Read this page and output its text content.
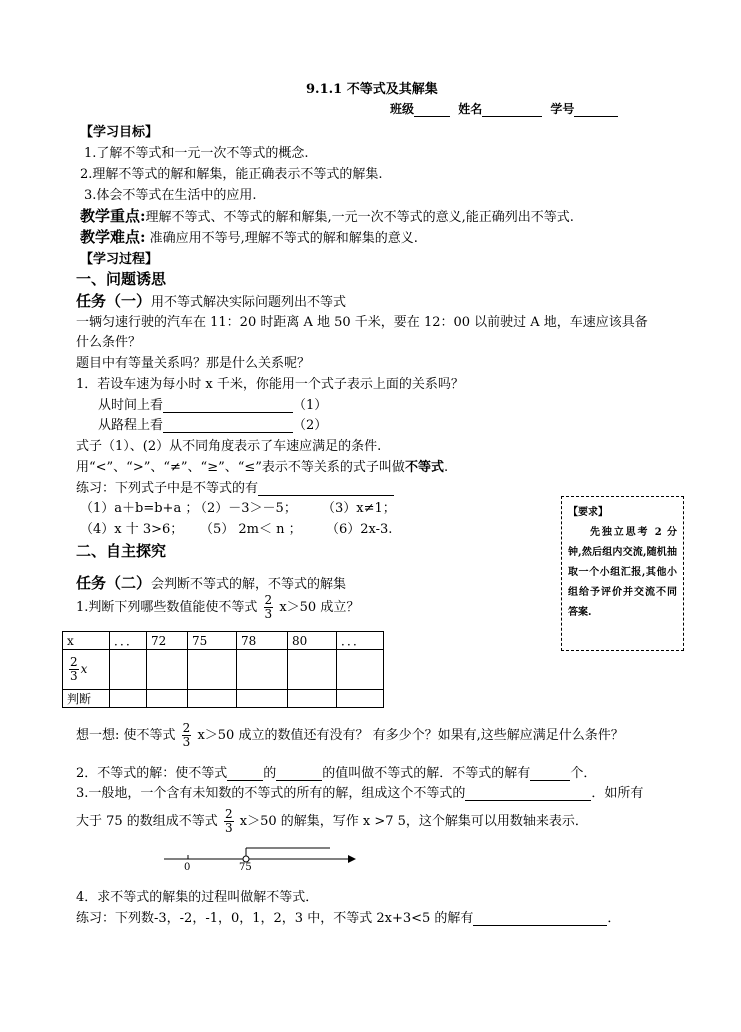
9.1.1 不等式及其解集
班级	姓名	学号
【学习目标】
1.了解不等式和一元一次不等式的概念.
2.理解不等式的解和解集，能正确表示不等式的解集.
3.体会不等式在生活中的应用.
教学重点:理解不等式、不等式的解和解集,一元一次不等式的意义,能正确列出不等式.
教学难点: 准确应用不等号,理解不等式的解和解集的意义.
【学习过程】
一、问题诱思
任务（一）用不等式解决实际问题列出不等式
一辆匀速行驶的汽车在 11：20 时距离 A 地 50 千米，要在 12：00 以前驶过 A 地，车速应该具备
什么条件？
题目中有等量关系吗？那是什么关系呢？
1．若设车速为每小时 x 千米，你能用一个式子表示上面的关系吗？
从时间上看	（1）
从路程上看	（2）
式子（1）、(2）从不同角度表示了车速应满足的条件.
用“<”、“>”、“≠”、“≥”、“≤”表示不等关系的式子叫做不等式.
练习：下列式子中是不等式的有
（1）a＋b=b+a ；
（2）－3＞－5； （3）x≠1；
（4）x 十 3>6； （5） 2m＜ n ； （6）2x-3.
【要求】
先独立思考 2 分钟,然后组内交流,随机抽取一个小组汇报,其他小组给予评价并交流不同答案.
二、自主探究
任务（二）会判断不等式的解，不等式的解集
1.判断下列哪些数值能使不等式 $\frac{2}{3} x>50$ 成立？
x	．．．	72	75	78	80	．．．

$\frac{2}{3}$ x						
判断						
想一想: 使不等式 $\frac{2}{3} x>50$ 成立的数值还有没有？ 有多少个？如果有,这些解应满足什么条件？
2．不等式的解：使不等式	的	的值叫做不等式的解．不等式的解有	个．
3.一般地，一个含有未知数的不等式的所有的解，组成这个不等式的	．如所有
大于 75 的数组成不等式 $\frac{2}{3} x>50$ 的解集，写作 x >7 5，这个解集可以用数轴来表示．
0	75
4．求不等式的解集的过程叫做解不等式．
练习：下列数-3，-2，-1，0，1，2，3 中，不等式 2x+3<5 的解有	．
